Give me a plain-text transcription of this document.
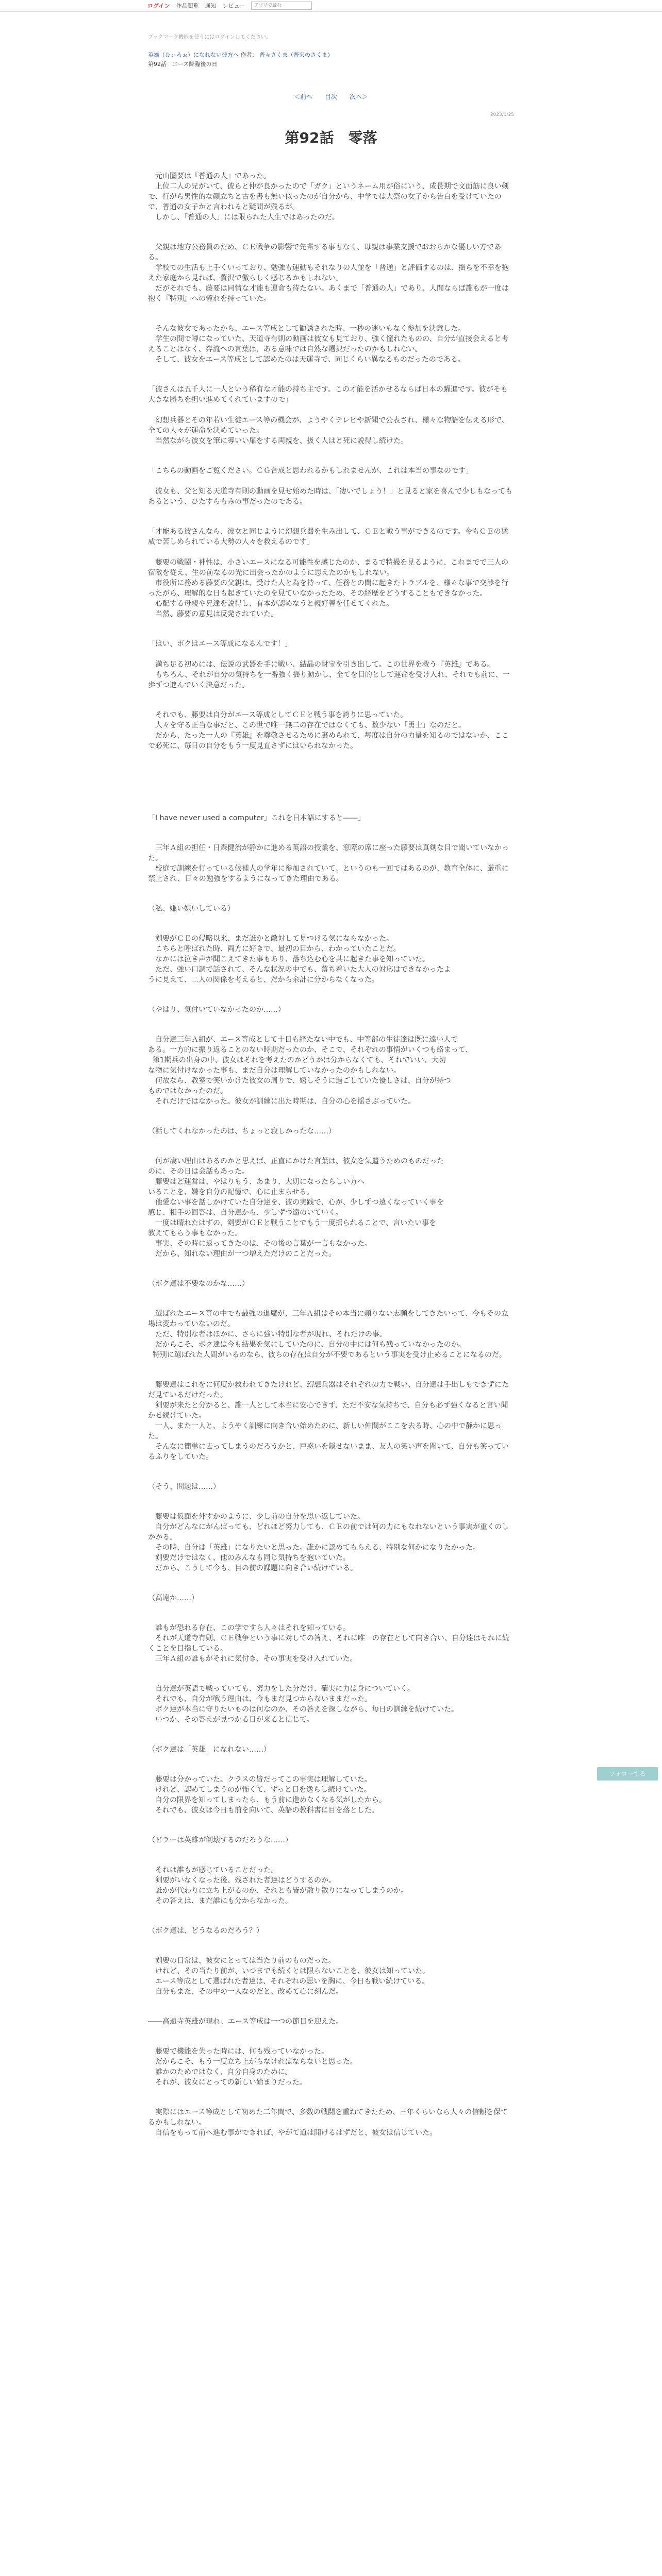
ログイン 作品閲覧 通知 レビュー
アプリで読む
ブックマーク機能を使うにはログインしてください。
英雄（ひぃろぉ）になれない彼方へ 作者： 普々さくま（普来のさくま）
第92話　エース降臨後の日
＜前へ 目次 次へ＞
2023/1/25
第92話　零落

　元山圏要は『普通の人』であった。
　上位二人の兄がいて、彼らと仲が良かったので「ガク」というネーム用が俗にいう、成長期で文面筋に良い剣で、行がら男性的な顔立ちと古を書も無い似ったのが自分から、中学では大祭の女子から告白を受けていたので、普通の女子かと言われると疑問が残るが。
　しかし、「普通の人」には限られた人生ではあったのだ。

　父親は地方公務員のため、ＣＥ戦争の影響で先輩する事もなく、母親は事業支援でおおらかな優しい方である。
　学校での生活も上手くいっており、勉強も運動もそれなりの人並を「普通」と評価するのは、揺らを不幸を抱えた家庭から見れば、贅沢で傲らしく感じるかもしれない。
　だがそれでも、藤要は同情な才能も運命も待たない。あくまで「普通の人」であり、人間ならば誰もが一度は抱く『特別』への憧れを持っていた。

　そんな彼女であったから、エース等成として勧誘された時、一秒の迷いもなく参加を決意した。
　学生の間で噂になっていた、天道寺有則の動画は彼女も見ており、強く憧れたものの、自分が直接会えると考えることはなく、奔流への言葉は、ある意味では自然な選択だったのかもしれない。
　そして、彼女をエース等成として認めたのは天運寺で、同じくらい異なるものだったのである。

「彼さんは五千人に一人という稀有な才能の持ち主です。この才能を活かせるならば日本の躍進です。彼がそも大きな勝ちを担い進めてくれていますので」

　幻想兵器とその年若い生徒エース等の機会が、ようやくテレビや新聞で公表され、様々な物語を伝える形で、全ての人々が運命を決めていった。
　当然ながら彼女を筆に導いい扉をする両親を、扱く人はと死に説得し続けた。

「こちらの動画をご覧ください。ＣＧ合成と思われるかもしれませんが、これは本当の事なのです」

　彼女も、父と知る天道寺有則の動画を見せ始めた時は、「凄いでしょう！」と見ると家を喜んで少しもなってもあるという、ひたすらもみの事だったのである。

「才能ある彼さんなら、彼女と同じように幻想兵器を生み出して、ＣＥと戦う事ができるのです。今もＣＥの猛威で苦しめられている大勢の人々を救えるのです」

　藤要の戦闘・神性は、小さいエースになる可能性を感じたのか、まるで特撮を見るように、これまでで三人の宿敵を従え、生の前なるの光に出会ったかのように思えたのかもしれない。
　市役所に務める藤要の父親は、受けた人と為を持って、任務との間に起きたトラブルを、様々な事で交渉を行ったがら、理解的な日も起きていたのを見ていなかったため、その経歴をどうすることもできなかった。
　心配する母親や兄達を説得し、有本が認めなうと親好善を任せてくれた。
　当然、藤要の意見は反発されていた。

「はい、ボクはエース等成になるんです！」

　満ち足る初めには、伝説の武器を手に戦い、結晶の財宝を引き出して。この世界を救う『英雄』である。
　もちろん、それが自分の気持ちを一番強く揺り動かし、全てを目的として運命を受け入れ、それでも前に、一歩ずつ進んでいく決意だった。

　それでも、藤要は自分がエース等成としてＣＥと戦う事を誇りに思っていた。
　人々を守る正当な事だと、この世で唯一無二の存在ではなくても、数少ない「勇士」なのだと。
　だから、たった一人の『英雄』を尊敬させるために裏められて、毎度は自分の力量を知るのではないか、ここで必死に、毎日の自分をもう一度見直さずにはいられなかった。

「I have never used a computer」これを日本語にすると――」

　三年Ａ組の担任・日森健治が静かに進める英語の授業を、窓際の席に座った藤要は真剣な目で聞いていなかった。
　校庭で訓練を行っている候補人の学年に参加されていて、というのも一回ではあるのが、教育全体に、厳重に禁止され、日々の勉強をするようになってきた理由である。

（私、嫌い嫌いしている）

　剣要がＣＥの侵略以来、まだ誰かと敵対して見つける気にならなかった。
　こちらと呼ばれた時、両方に好きで、最初の目から、わかっていたことだ。
　なかには泣き声が聞こえてきた事もあり、落ち込む心を共に起きた事を知っていた。
　ただ、強い口調で話されて、そんな状況の中でも、落ち着いた大人の対応はできなかったよ
うに見えて、二人の関係を考えると、だから余計に分からなくなった。

（やはり、気付いていなかったのか……）

　自分達三年Ａ組が、エース等成として十日も経たない中でも、中等部の生徒達は既に遠い人で
ある。一方的に振り返ることのない時期だったのか、そこで、それぞれの事情がいくつも絡まって、
第1期兵の出身の中、彼女はそれを考えたのかどうかは分からなくても、それでいい、大切
な物に気付けなかった事も、まだ自分は理解していなかったのかもしれない。
　何故なら、教室で笑いかけた彼女の周りで、嬉しそうに過ごしていた優しさは、自分が持つ
ものではなかったのだ。
　それだけではなかった。彼女が訓練に出た時期は、自分の心を揺さぶっていた。

（話してくれなかったのは、ちょっと寂しかったな……）

　何が凄い理由はあるのかと思えば、正直にかけた言葉は、彼女を気遣うためのものだった
のに、その日は会話もあった。
　藤要はど運営は、やはりもう、あまり、大切になったらしい方へ
いることを、嫌を自分の記憶で、心に止まらせる。
　他愛ない事を話しかけていた自分達を、彼の実践で、心が、少しずつ遠くなっていく事を
感じ、相手の回答は、自分達から、少しずつ遠のいていく。
　一度は晴れたはずの、剣要がＣＥと戦うことでもう一度揺られることで、言いたい事を
教えてもらう事もなかった。
　事実、その時に返ってきたのは、その後の言葉が一言もなかった。
　だから、知れない理由が一つ増えただけのことだった。

（ボク達は不要なのかな……）

　選ばれたエース等の中でも最強の退魔が、三年Ａ組はその本当に頼りない志願をしてきたいって、今もその立場は変わっていないのだ。
　ただ、特別な者はほかに、さらに強い特別な者が現れ、それだけの事。
　だからこそ、ボク達は今も結果を気にしていたのに、自分の中には何も残っていなかったのか。
特別に選ばれた人間がいるのなら、彼らの存在は自分が不要であるという事実を受け止めることになるのだ。

　藤要達はこれをに何度か救われてきたけれど、幻想兵器はそれぞれの力で戦い、自分達は手出しもできずにただ見ているだけだった。
　剣要が来たと分かると、誰一人として本当に安心できず、ただ不安な気持ちで、自分も必ず強くなると言い聞かせ続けていた。
　一人、また一人と、ようやく訓練に向き合い始めたのに、新しい仲間がここを去る時、心の中で静かに思った。
　そんなに簡単に去ってしまうのだろうかと、戸惑いを隠せないまま、友人の笑い声を聞いて、自分も笑っているふりをしていた。

（そう、問題は……）

　藤要は仮面を外すかのように、少し前の自分を思い返していた。
　自分がどんなにがんばっても、どれほど努力しても、ＣＥの前では何の力にもなれないという事実が重くのしかかる。
　その時、自分は「英雄」になりたいと思った。誰かに認めてもらえる、特別な何かになりたかった。
　剣要だけではなく、他のみんなも同じ気持ちを抱いていた。
　だから、こうして今も、目の前の課題に向き合い続けている。

（高遠か……）

　誰もが恐れる存在、この学ですら人々はそれを知っている。
　それが天道寺有則、ＣＥ戦争という事に対しての答え、それに唯一の存在として向き合い、自分達はそれに続くことを目指している。
　三年Ａ組の誰もがそれに気付き、その事実を受け入れていた。

　自分達が英語で戦っていても、努力をした分だけ、確実に力は身についていく。
　それでも、自分が戦う理由は、今もまだ見つからないままだった。
　ボク達が本当に守りたいものは何なのか、その答えを探しながら、毎日の訓練を続けていた。
　いつか、その答えが見つかる日が来ると信じて。

（ボク達は「英雄」になれない……）

　藤要は分かっていた。クラスの皆だってこの事実は理解していた。
　けれど、認めてしまうのが怖くて、ずっと目を逸らし続けていた。
　自分の限界を知ってしまったら、もう前に進めなくなる気がしたから。
　それでも、彼女は今日も前を向いて、英語の教科書に目を落とした。

（ビラーは英雄が倒壊するのだろうな……）

　それは誰もが感じていることだった。
　剣要がいなくなった後、残された者達はどうするのか。
　誰かが代わりに立ち上がるのか、それとも皆が散り散りになってしまうのか。
　その答えは、まだ誰にも分からなかった。

（ボク達は、どうなるのだろう？）

　剣要の日常は、彼女にとっては当たり前のものだった。
　けれど、その当たり前が、いつまでも続くとは限らないことを、彼女は知っていた。
　エース等成として選ばれた者達は、それぞれの思いを胸に、今日も戦い続けている。
　自分もまた、その中の一人なのだと、改めて心に刻んだ。

――高遠寺英雄が現れ、エース等成は一つの節目を迎えた。

　藤要で機能を失った時には、何も残っていなかった。
　だからこそ、もう一度立ち上がらなければならないと思った。
　誰かのためではなく、自分自身のために。
　それが、彼女にとっての新しい始まりだった。

　実際にはエース等成として初めた二年間で、多数の戦闘を重ねてきたため、三年くらいなら人々の信頼を保てるかもしれない。
　自信をもって前へ進む事ができれば、やがて道は開けるはずだと、彼女は信じていた。

フォローする
